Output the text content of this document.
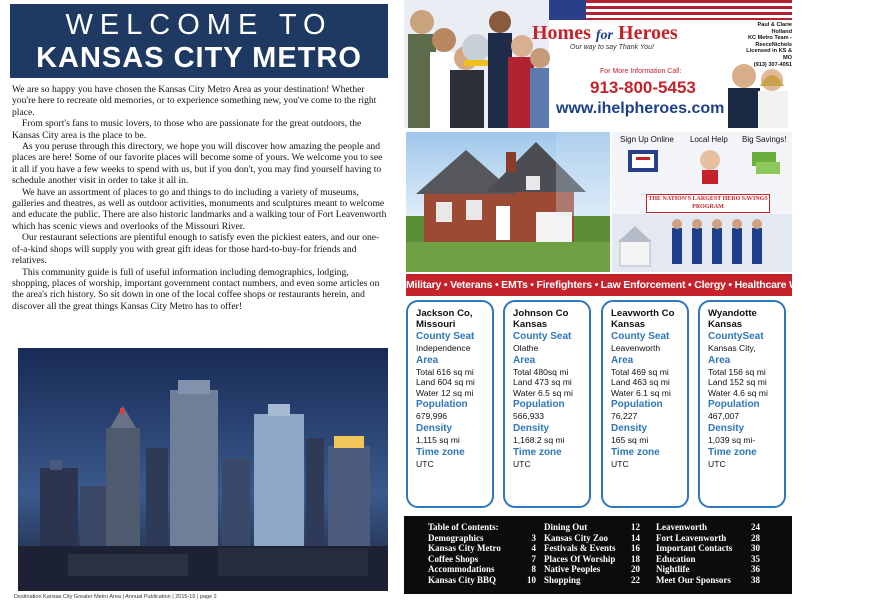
WELCOME TO
KANSAS CITY METRO

We are so happy you have chosen the Kansas City Metro Area as your destination! Whether you're here to recreate old memories, or to experience something new, you've come to the right place.

From sport's fans to music lovers, to those who are passionate for the great outdoors, the Kansas City area is the place to be.

As you peruse through this directory, we hope you will discover how amazing the people and places are here! Some of our favorite places will become some of yours. We welcome you to see it all if you have a few weeks to spend with us, but if you don't, you may find yourself having to schedule another visit in order to take it all in.

We have an assortment of places to go and things to do including a variety of museums, galleries and theatres, as well as outdoor activities, monuments and sculptures meant to welcome and educate the public. There are also historic landmarks and a walking tour of Fort Leavenworth which has scenic views and overlooks of the Missouri River.

Our restaurant selections are plentiful enough to satisfy even the pickiest eaters, and our one-of-a-kind shops will supply you with great gift ideas for those hard-to-buy-for friends and relatives.

This community guide is full of useful information including demographics, lodging, shopping, places of worship, important government contact numbers, and even some articles on the area's rich history. So sit down in one of the local coffee shops or restaurants herein, and discover all the great things Kansas City Metro has to offer!

Destination Kansas City Greater Metro Area | Annual Publication | 2015-16 | page 2
Homes for Heroes
Our way to say Thank You!
Paul & Clarie Holland
KC Metro Team - ReeceNichols
Licensed in KS & MO
(913) 307-4051
For More Information Call:
913-800-5453
www.ihelpheroes.com
Sign Up Online Local Help Big Savings!
THE NATION'S LARGEST HERO SAVINGS PROGRAM
Military • Veterans • EMTs • Firefighters • Law Enforcement • Clergy • Healthcare Workers • Teachers
Jackson Co,
Missouri
County Seat
Independence
Area
Total 616 sq mi
Land 604 sq mi
Water 12 sq mi
Population
679,996
Density
1,115 sq mi
Time zone
UTC
Johnson Co
Kansas
County Seat
Olathe
Area
Total 480sq mi
Land 473 sq mi
Water 6.5 sq mi
Population
566,933
Density
1,168.2 sq mi
Time zone
UTC
Leavworth Co
Kansas
County Seat
Leavenworth
Area
Total 469 sq mi
Land 463 sq mi
Water 6.1 sq mi
Population
76,227
Density
165 sq mi
Time zone
UTC
Wyandotte
Kansas
CountySeat
Kansas City,
Area
Total 156 sq mi
Land 152 sq mi
Water 4.6 sq mi
Population
467,007
Density
1,039 sq mi-
Time zone
UTC
Table of Contents:
Demographics	3
Kansas City Metro	4
Coffee Shops	7
Accommodations	8
Kansas City BBQ	10
Dining Out	12
Kansas City Zoo	14
Festivals & Events	16
Places Of Worship	18
Native Peoples	20
Shopping	22
Leavenworth	24
Fort Leavenworth	28
Important Contacts	30
Education	35
Nightlife	36
Meet Our Sponsors	38
